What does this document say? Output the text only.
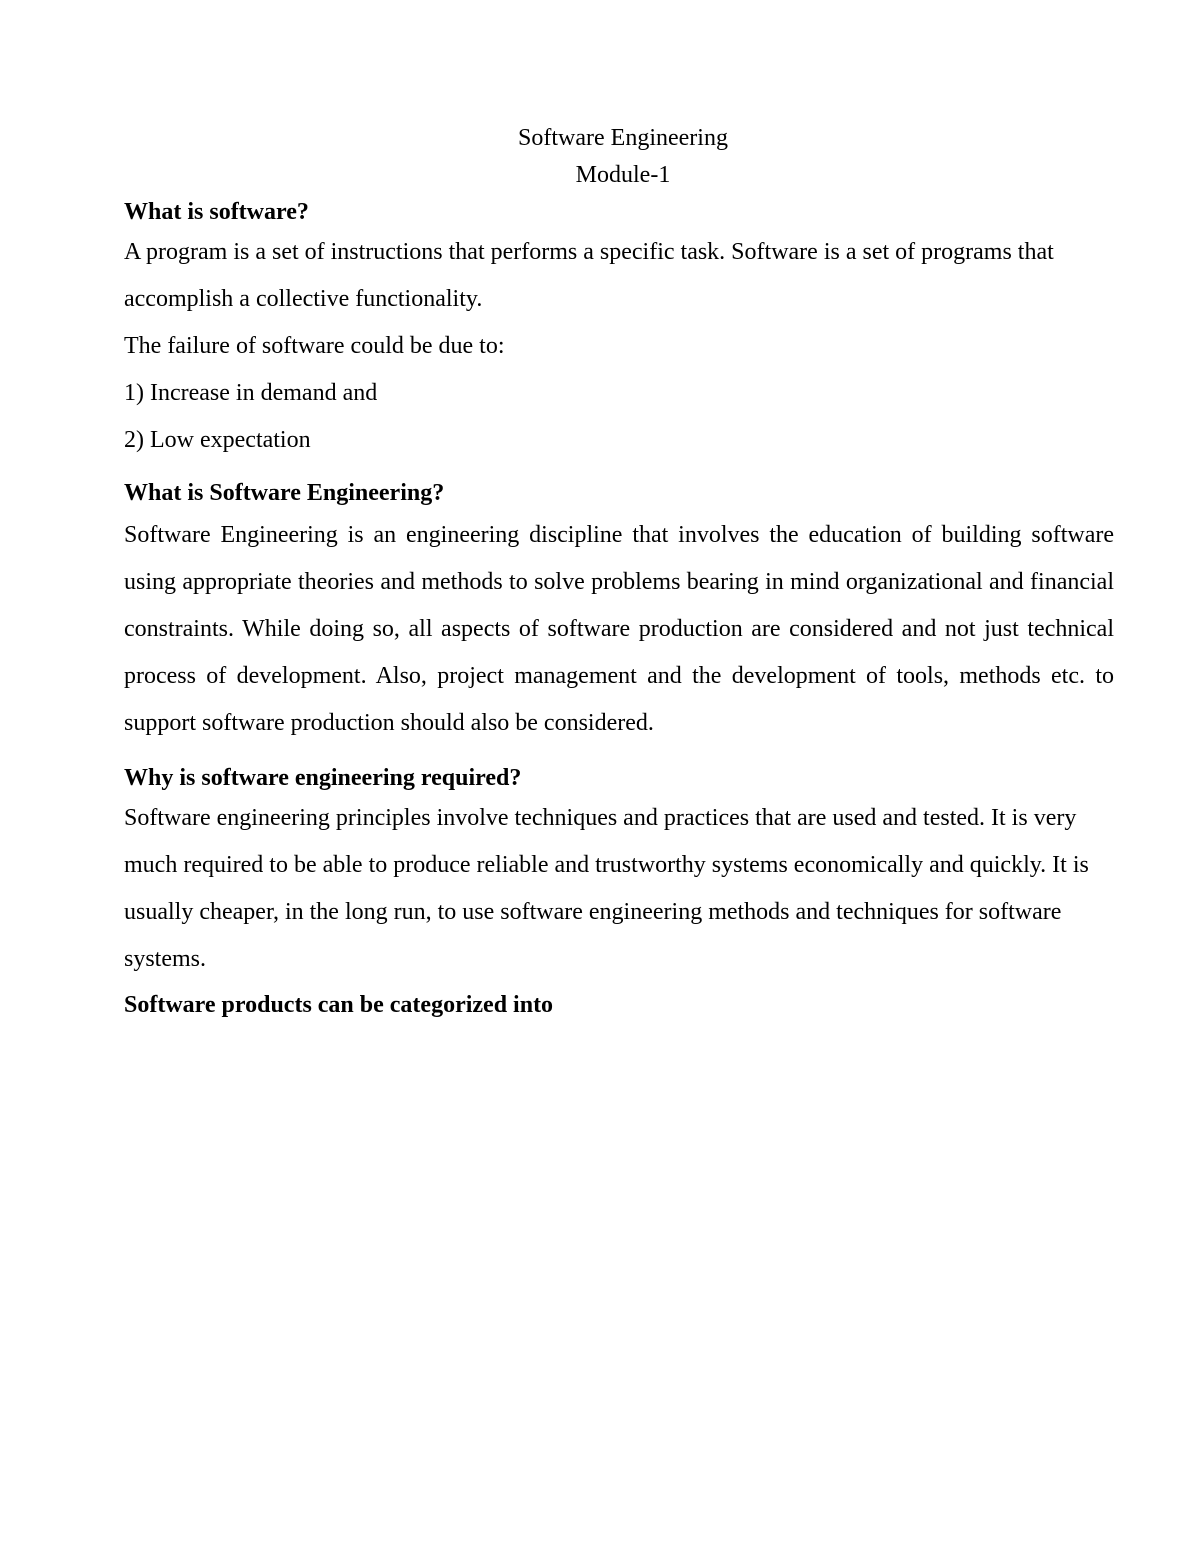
Software Engineering
Module-1

What is software?

A program is a set of instructions that performs a specific task. Software is a set of programs that accomplish a collective functionality.

The failure of software could be due to:

1) Increase in demand and

2) Low expectation

What is Software Engineering?

Software Engineering is an engineering discipline that involves the education of building software using appropriate theories and methods to solve problems bearing in mind organizational and financial constraints. While doing so, all aspects of software production are considered and not just technical process of development. Also, project management and the development of tools, methods etc. to support software production should also be considered.

Why is software engineering required?

Software engineering principles involve techniques and practices that are used and tested. It is very much required to be able to produce reliable and trustworthy systems economically and quickly. It is usually cheaper, in the long run, to use software engineering methods and techniques for software systems.

Software products can be categorized into
